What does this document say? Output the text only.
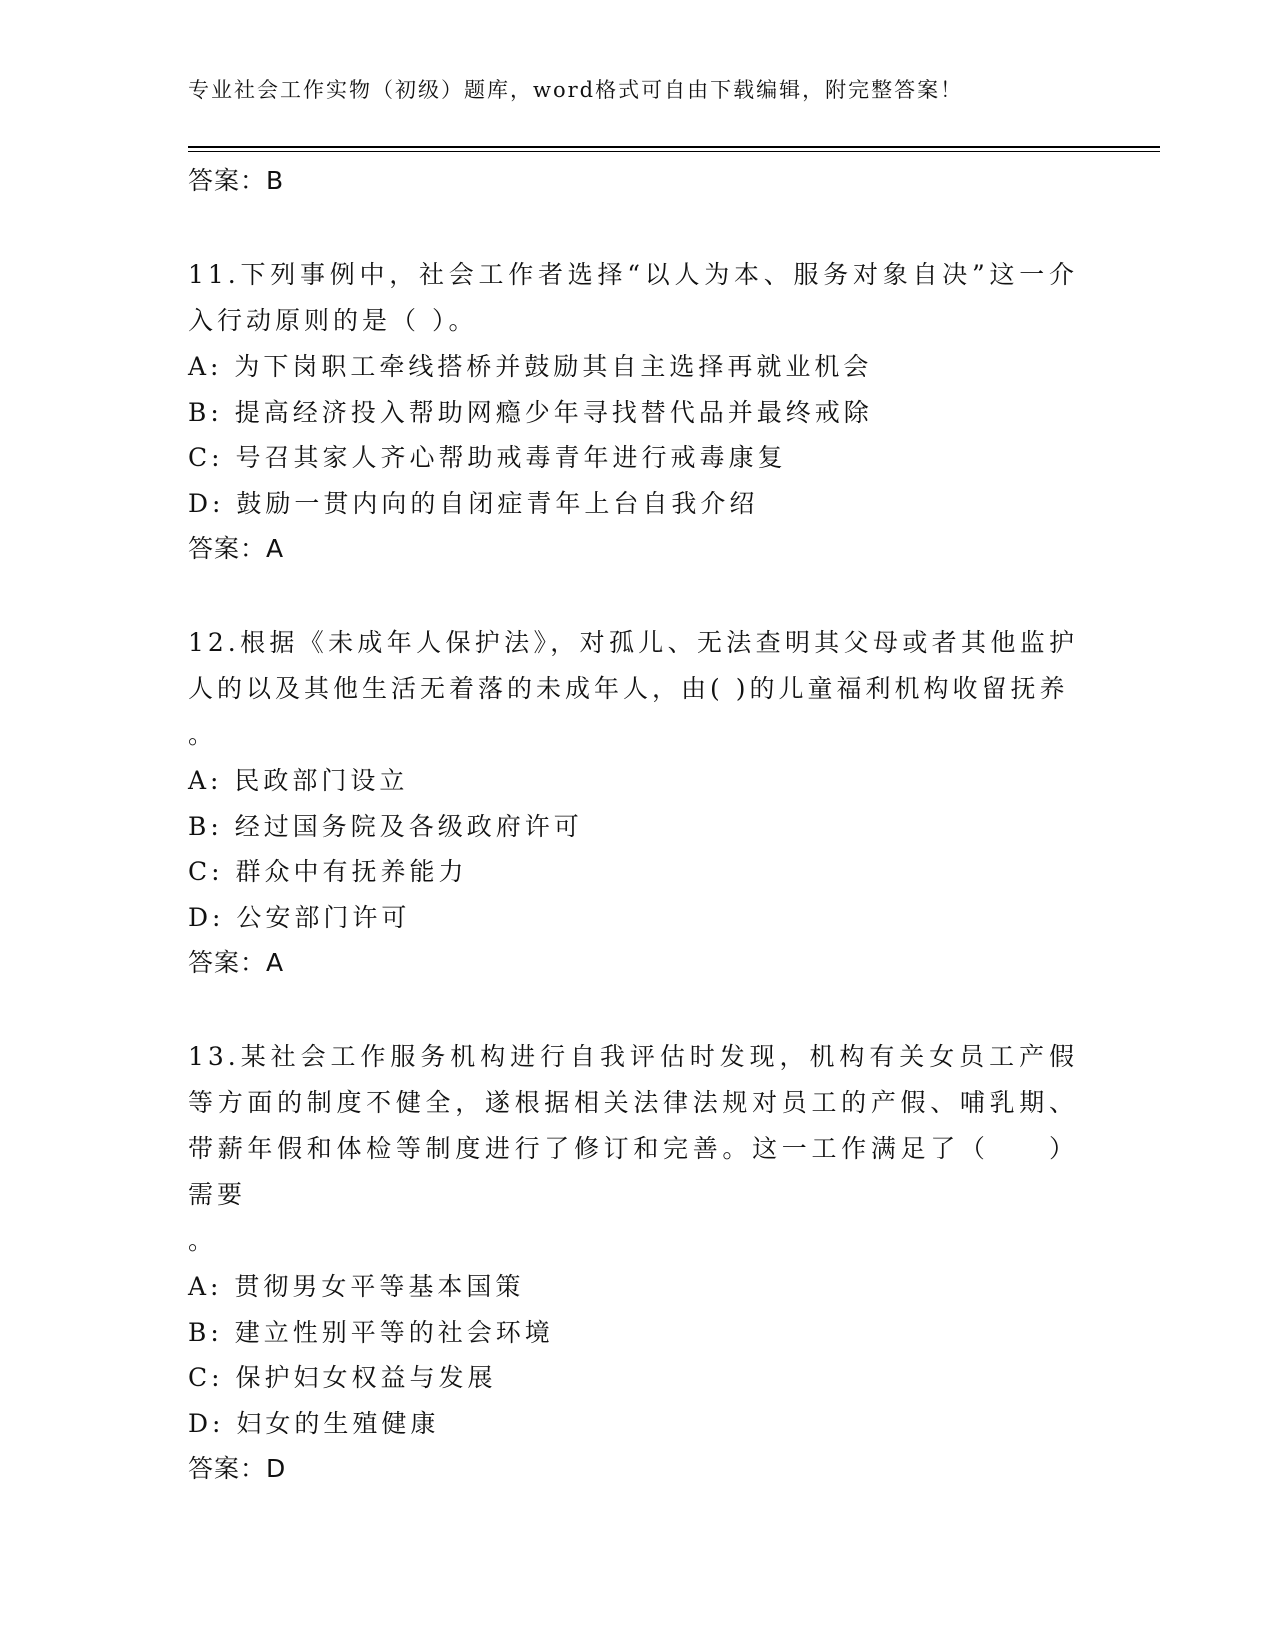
专业社会工作实物（初级）题库，word格式可自由下载编辑，附完整答案！
答案：B

11.下列事例中，社会工作者选择“以人为本、服务对象自决”这一介入行动原则的是（ ）。

A: 为下岗职工牵线搭桥并鼓励其自主选择再就业机会
B: 提高经济投入帮助网瘾少年寻找替代品并最终戒除
C: 号召其家人齐心帮助戒毒青年进行戒毒康复
D: 鼓励一贯内向的自闭症青年上台自我介绍
答案：A

12.根据《未成年人保护法》，对孤儿、无法查明其父母或者其他监护人的以及其他生活无着落的未成年人，由( )的儿童福利机构收留抚养

。
A: 民政部门设立
B: 经过国务院及各级政府许可
C: 群众中有抚养能力
D: 公安部门许可
答案：A

13.某社会工作服务机构进行自我评估时发现，机构有关女员工产假等方面的制度不健全，遂根据相关法律法规对员工的产假、哺乳期、带薪年假和体检等制度进行了修订和完善。这一工作满足了（　　）需要

。
A: 贯彻男女平等基本国策
B: 建立性别平等的社会环境
C: 保护妇女权益与发展
D: 妇女的生殖健康
答案：D
